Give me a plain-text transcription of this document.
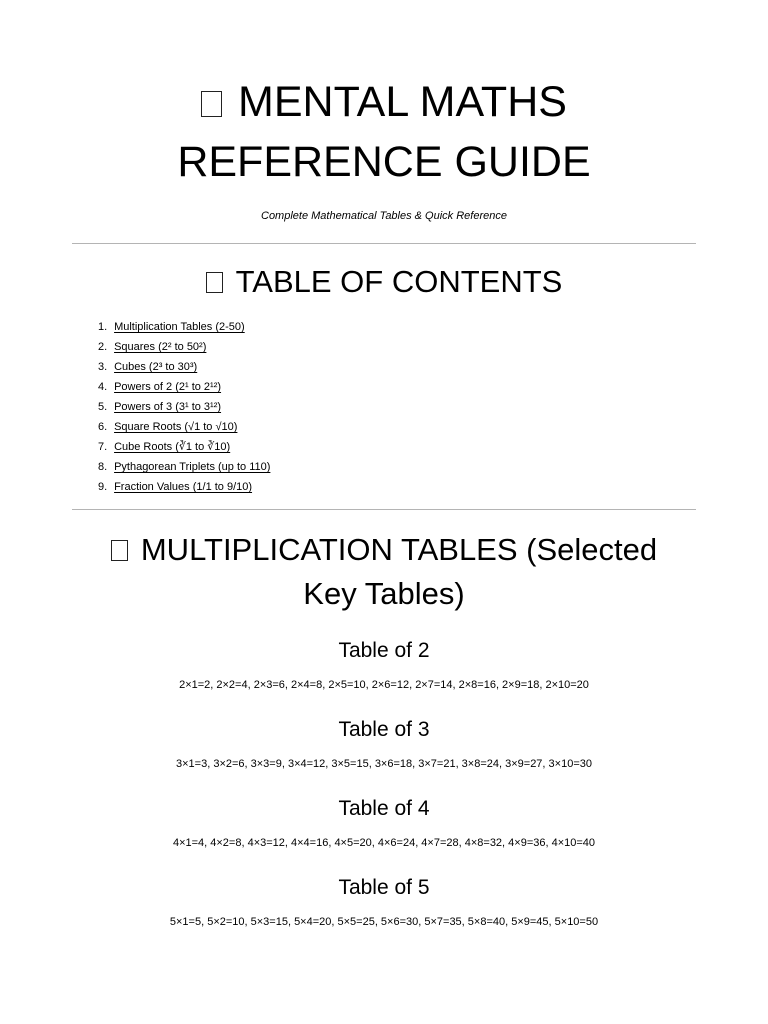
MENTAL MATHS
REFERENCE GUIDE

Complete Mathematical Tables & Quick Reference

TABLE OF CONTENTS
1. Multiplication Tables (2-50)
2. Squares (2² to 50²)
3. Cubes (2³ to 30³)
4. Powers of 2 (2¹ to 2¹²)
5. Powers of 3 (3¹ to 3¹²)
6. Square Roots (√1 to √10)
7. Cube Roots (∛1 to ∛10)
8. Pythagorean Triplets (up to 110)
9. Fraction Values (1/1 to 9/10)
MULTIPLICATION TABLES (Selected
Key Tables)
Table of 2

2×1=2, 2×2=4, 2×3=6, 2×4=8, 2×5=10, 2×6=12, 2×7=14, 2×8=16, 2×9=18, 2×10=20

Table of 3

3×1=3, 3×2=6, 3×3=9, 3×4=12, 3×5=15, 3×6=18, 3×7=21, 3×8=24, 3×9=27, 3×10=30

Table of 4

4×1=4, 4×2=8, 4×3=12, 4×4=16, 4×5=20, 4×6=24, 4×7=28, 4×8=32, 4×9=36, 4×10=40

Table of 5

5×1=5, 5×2=10, 5×3=15, 5×4=20, 5×5=25, 5×6=30, 5×7=35, 5×8=40, 5×9=45, 5×10=50
